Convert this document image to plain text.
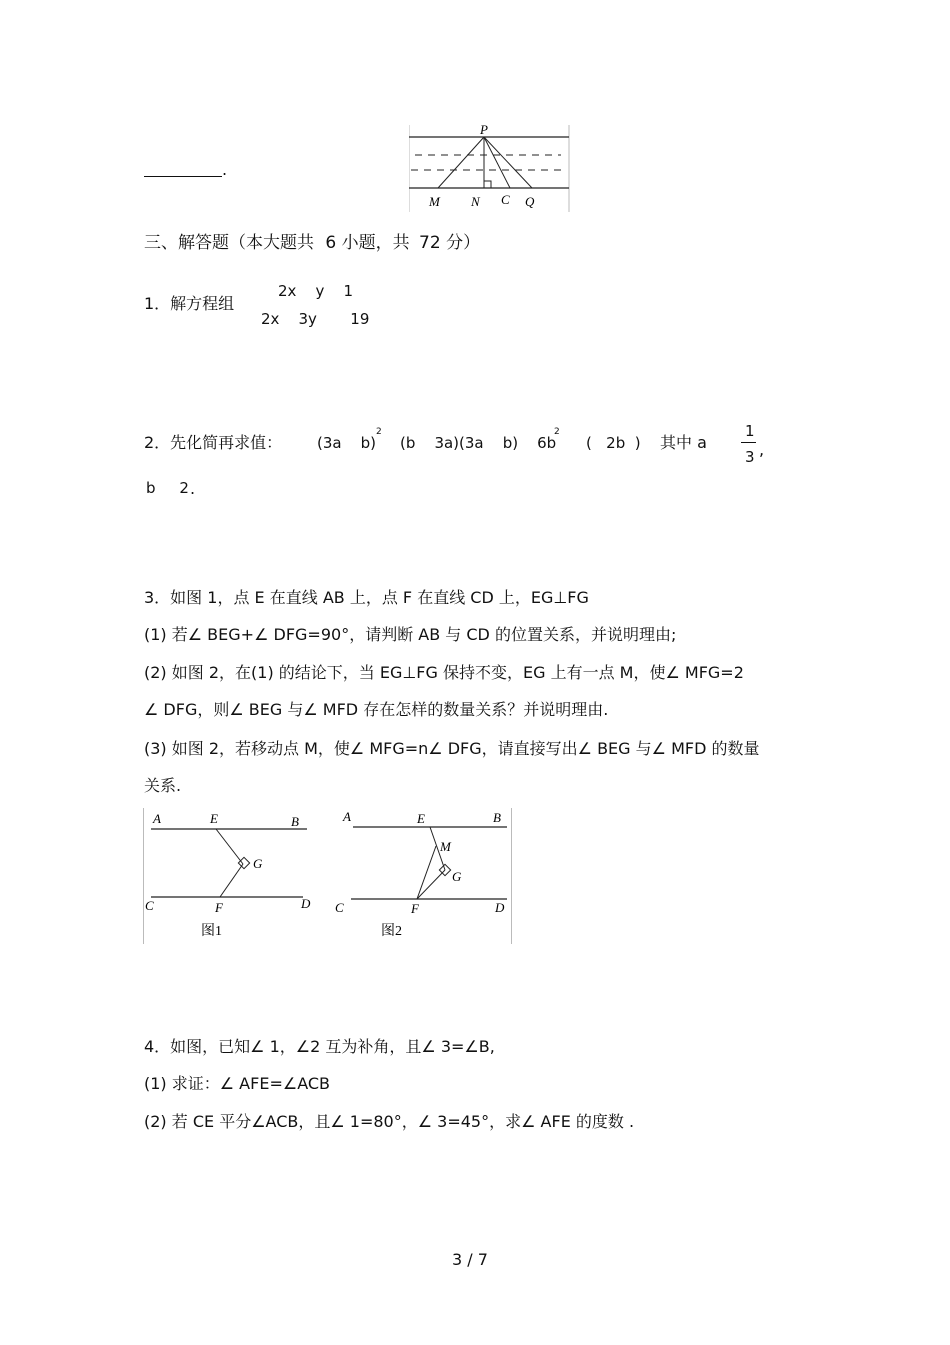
.
P
M N C Q
三、解答题（本大题共 6 小题，共 72 分）
1．解方程组
2x    y    1
2x    3y       19
2．先化简再求值： (3a    b)
2
(b    3a)(3a    b)    6b
2
(   2b  ) 其中 a
1
3 ,
b     2 .
3．如图 1，点 E 在直线 AB 上，点 F 在直线 CD 上，EG⊥FG
(1) 若∠ BEG+∠ DFG=90°，请判断 AB 与 CD 的位置关系，并说明理由;
(2) 如图 2，在(1) 的结论下，当 EG⊥FG 保持不变，EG 上有一点 M，使∠ MFG=2
∠ DFG，则∠ BEG 与∠ MFD 存在怎样的数量关系？并说明理由.
(3) 如图 2，若移动点 M，使∠ MFG=n∠ DFG，请直接写出∠ BEG 与∠ MFD 的数量
关系.
A	E	B
G
C	F	D
图1
A	E	B
M
G
C	F	D
图2
4．如图，已知∠ 1，∠2 互为补角，且∠ 3=∠B,
(1) 求证：∠ AFE=∠ACB
(2) 若 CE 平分∠ACB，且∠ 1=80°，∠ 3=45°，求∠ AFE 的度数 .
3 / 7
